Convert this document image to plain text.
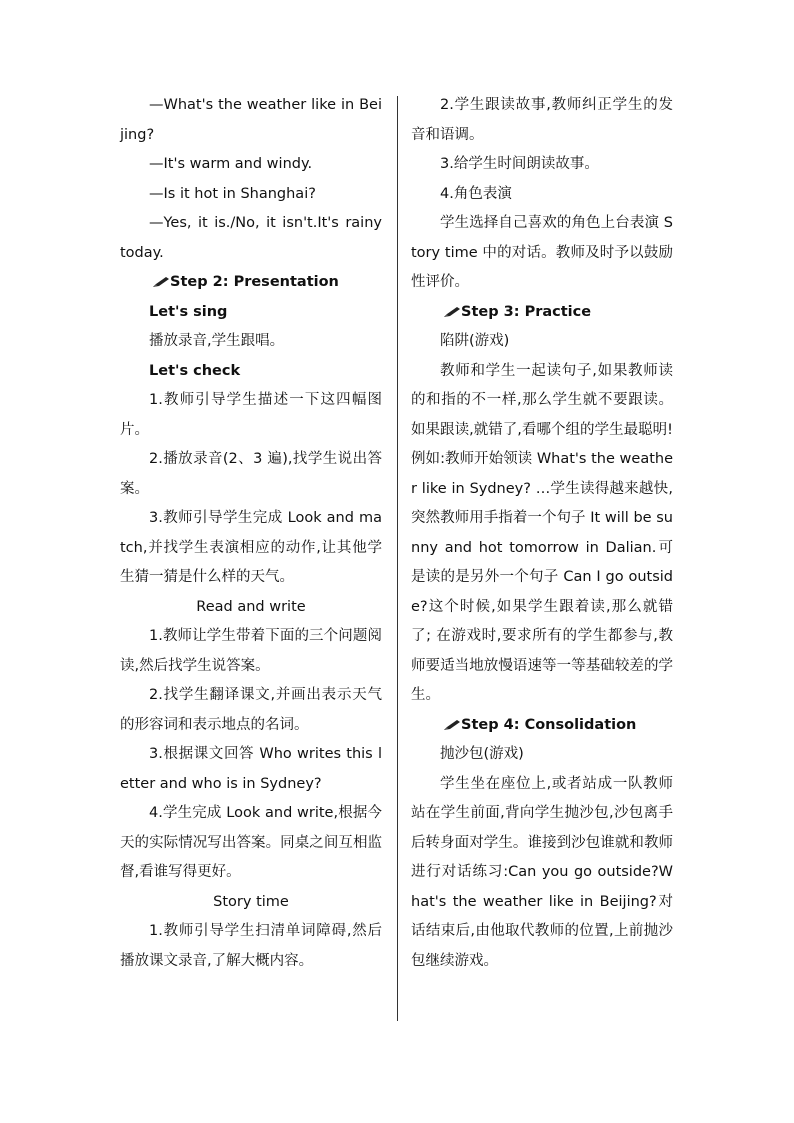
—What's the weather like in Beijing?

—It's warm and windy.

—Is it hot in Shanghai?

—Yes, it is./No, it isn't.It's rainy today.

Step 2: Presentation

Let's sing

播放录音,学生跟唱。

Let's check

1.教师引导学生描述一下这四幅图片。

2.播放录音(2、3 遍),找学生说出答案。

3.教师引导学生完成 Look and match,并找学生表演相应的动作,让其他学生猜一猜是什么样的天气。

Read and write

1.教师让学生带着下面的三个问题阅读,然后找学生说答案。

2.找学生翻译课文,并画出表示天气的形容词和表示地点的名词。

3.根据课文回答 Who writes this letter and who is in Sydney?

4.学生完成 Look and write,根据今天的实际情况写出答案。同桌之间互相监督,看谁写得更好。

Story time

1.教师引导学生扫清单词障碍,然后播放课文录音,了解大概内容。

2.学生跟读故事,教师纠正学生的发音和语调。

3.给学生时间朗读故事。

4.角色表演

学生选择自己喜欢的角色上台表演 Story time 中的对话。教师及时予以鼓励性评价。

Step 3: Practice

陷阱(游戏)

教师和学生一起读句子,如果教师读的和指的不一样,那么学生就不要跟读。如果跟读,就错了,看哪个组的学生最聪明!例如:教师开始领读 What's the weather like in Sydney? …学生读得越来越快,突然教师用手指着一个句子 It will be sunny and hot tomorrow in Dalian.可是读的是另外一个句子 Can I go outside?这个时候,如果学生跟着读,那么就错了; 在游戏时,要求所有的学生都参与,教师要适当地放慢语速等一等基础较差的学生。

Step 4: Consolidation

抛沙包(游戏)

学生坐在座位上,或者站成一队教师站在学生前面,背向学生抛沙包,沙包离手后转身面对学生。谁接到沙包谁就和教师进行对话练习:Can you go outside?What's the weather like in Beijing?对话结束后,由他取代教师的位置,上前抛沙包继续游戏。
